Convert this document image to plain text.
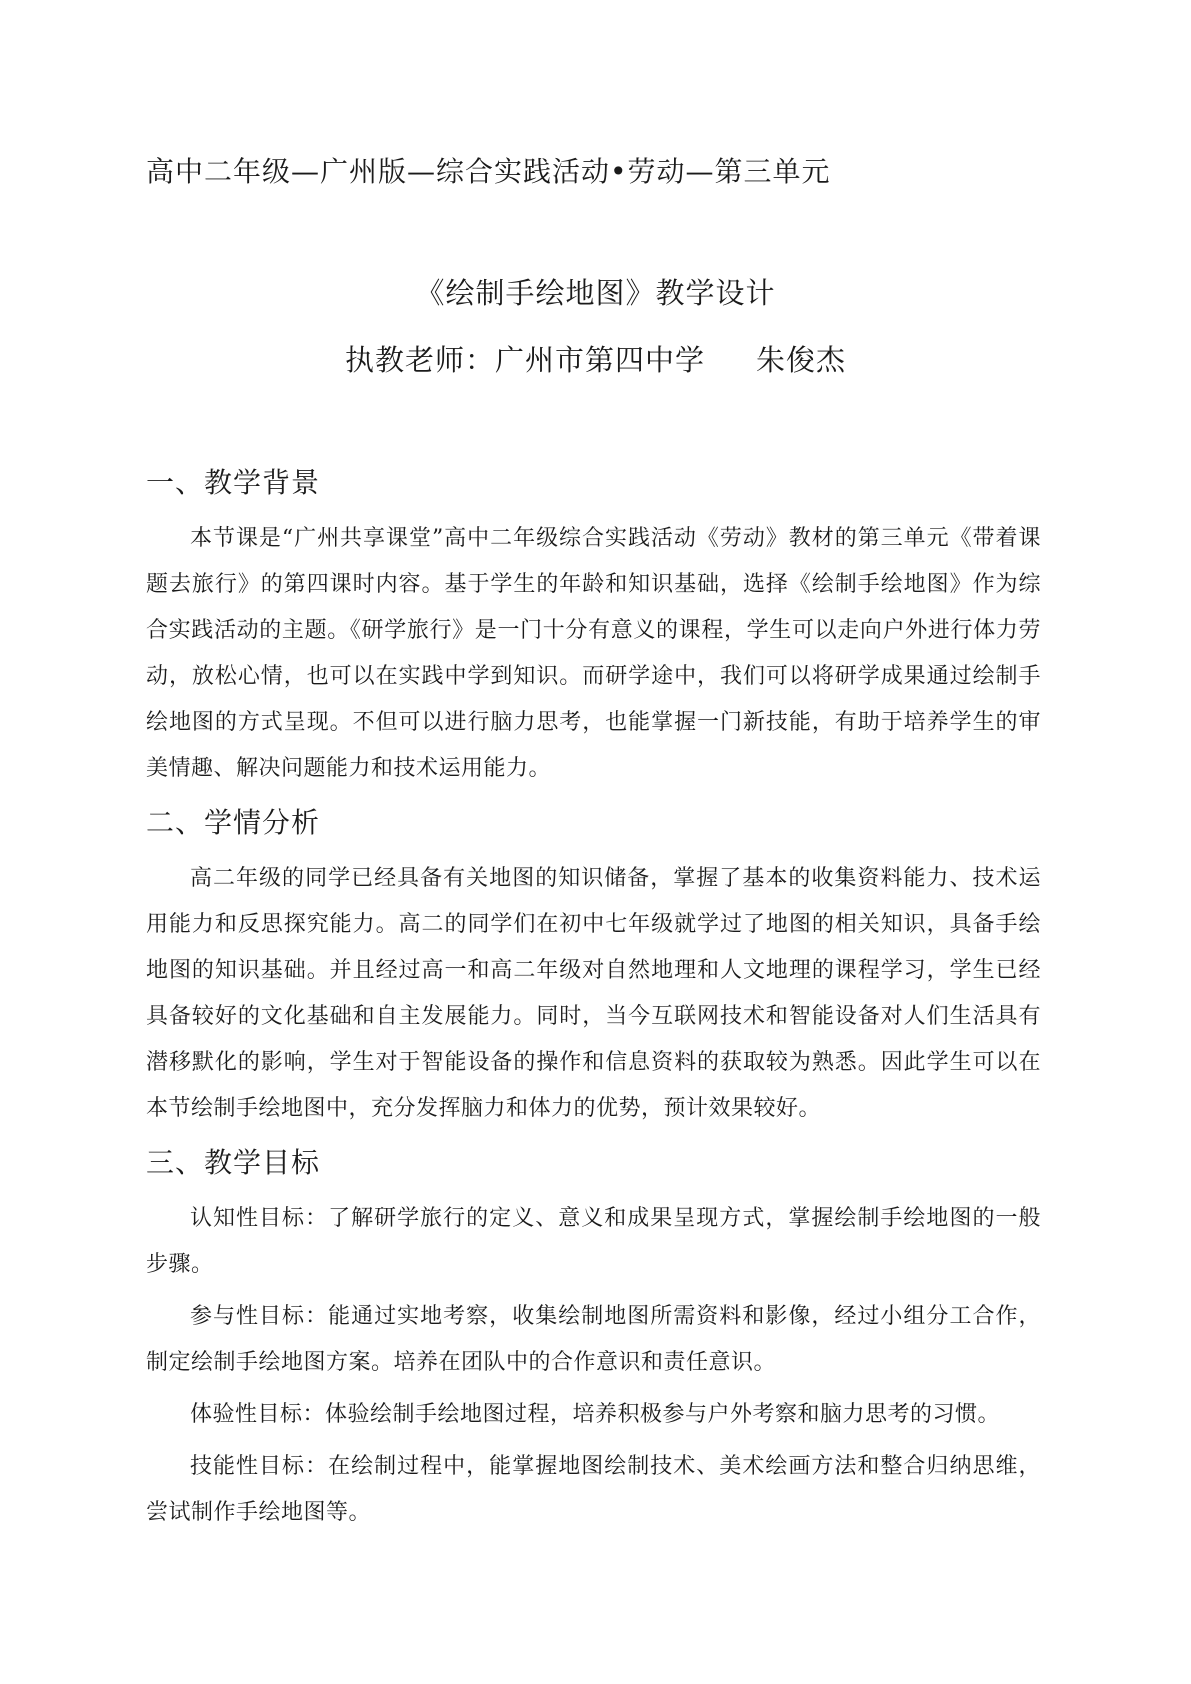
高中二年级—广州版—综合实践活动•劳动—第三单元
《绘制手绘地图》教学设计
执教老师：广州市第四中学     朱俊杰
一、教学背景

本节课是“广州共享课堂”高中二年级综合实践活动《劳动》教材的第三单元《带着课题去旅行》的第四课时内容。基于学生的年龄和知识基础，选择《绘制手绘地图》作为综合实践活动的主题。《研学旅行》是一门十分有意义的课程，学生可以走向户外进行体力劳动，放松心情，也可以在实践中学到知识。而研学途中，我们可以将研学成果通过绘制手绘地图的方式呈现。不但可以进行脑力思考，也能掌握一门新技能，有助于培养学生的审美情趣、解决问题能力和技术运用能力。

二、学情分析

高二年级的同学已经具备有关地图的知识储备，掌握了基本的收集资料能力、技术运用能力和反思探究能力。高二的同学们在初中七年级就学过了地图的相关知识，具备手绘地图的知识基础。并且经过高一和高二年级对自然地理和人文地理的课程学习，学生已经具备较好的文化基础和自主发展能力。同时，当今互联网技术和智能设备对人们生活具有潜移默化的影响，学生对于智能设备的操作和信息资料的获取较为熟悉。因此学生可以在本节绘制手绘地图中，充分发挥脑力和体力的优势，预计效果较好。

三、教学目标

认知性目标：了解研学旅行的定义、意义和成果呈现方式，掌握绘制手绘地图的一般步骤。

参与性目标：能通过实地考察，收集绘制地图所需资料和影像，经过小组分工合作，制定绘制手绘地图方案。培养在团队中的合作意识和责任意识。

体验性目标：体验绘制手绘地图过程，培养积极参与户外考察和脑力思考的习惯。

技能性目标：在绘制过程中，能掌握地图绘制技术、美术绘画方法和整合归纳思维，尝试制作手绘地图等。
